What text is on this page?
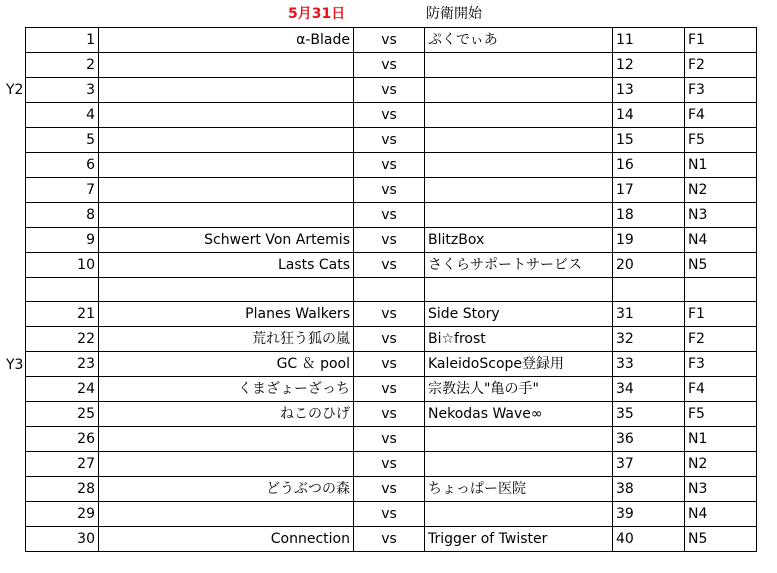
5月31日	防衛開始
Y2
Y3
1	α-Blade	vs	ぷくでぃあ	11	F1
2		vs		12	F2
3		vs		13	F3
4		vs		14	F4
5		vs		15	F5
6		vs		16	N1
7		vs		17	N2
8		vs		18	N3
9	Schwert Von Artemis	vs	BlitzBox	19	N4
10	Lasts Cats	vs	さくらサポートサービス	20	N5

21	Planes Walkers	vs	Side Story	31	F1
22	荒れ狂う狐の嵐	vs	Bi☆frost	32	F2
23	GC ＆ pool	vs	KaleidoScope登録用	33	F3
24	くまざょーざっち	vs	宗教法人"亀の手"	34	F4
25	ねこのひげ	vs	Nekodas Wave∞	35	F5
26		vs		36	N1
27		vs		37	N2
28	どうぶつの森	vs	ちょっぱー医院	38	N3
29		vs		39	N4
30	Connection	vs	Trigger of Twister	40	N5
